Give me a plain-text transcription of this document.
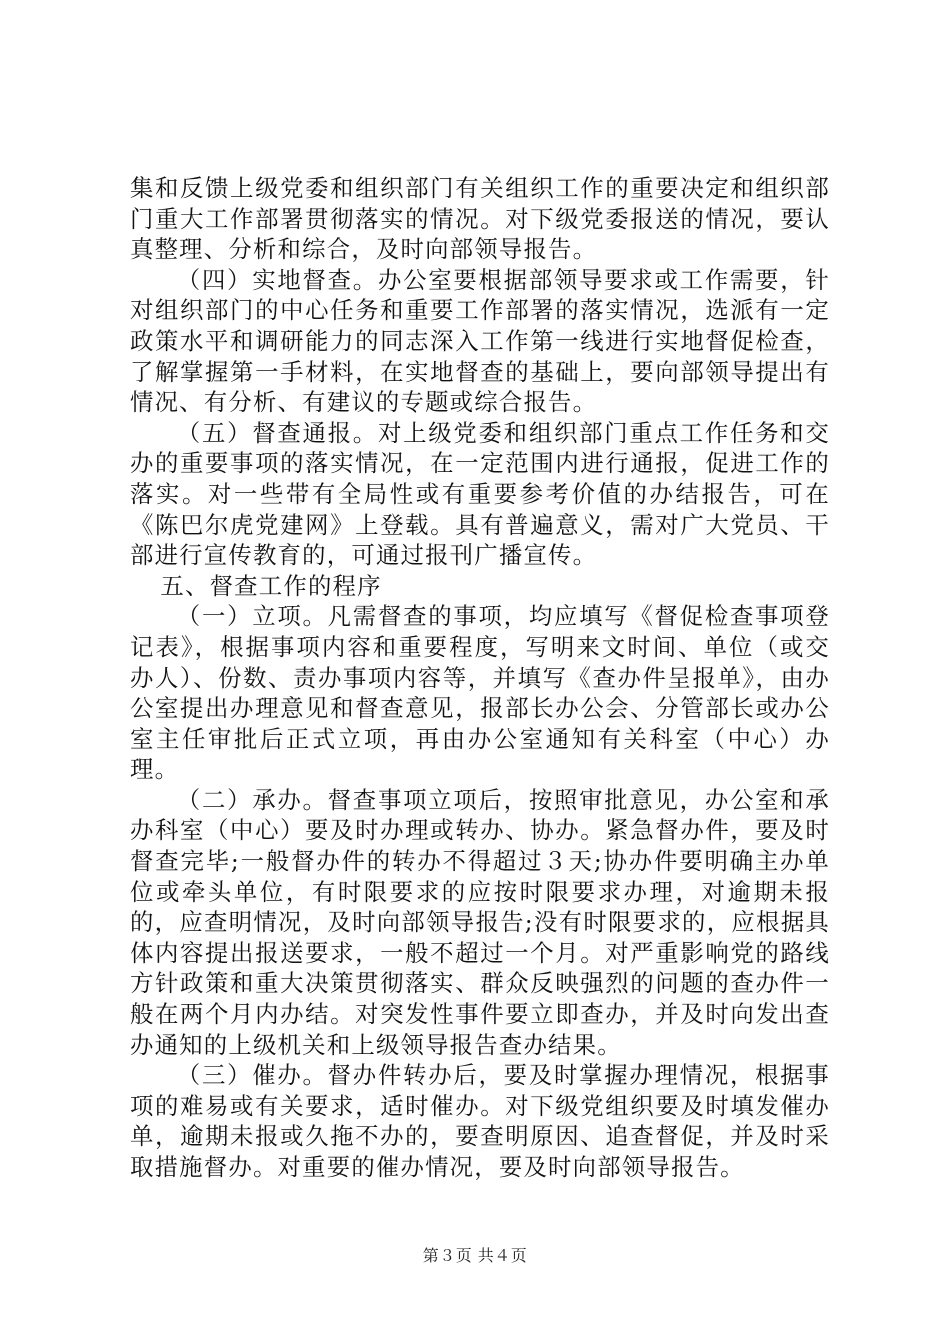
集和反馈上级党委和组织部门有关组织工作的重要决定和组织部门重大工作部署贯彻落实的情况。对下级党委报送的情况，要认真整理、分析和综合，及时向部领导报告。

（四）实地督查。办公室要根据部领导要求或工作需要，针对组织部门的中心任务和重要工作部署的落实情况，选派有一定政策水平和调研能力的同志深入工作第一线进行实地督促检查，了解掌握第一手材料，在实地督查的基础上，要向部领导提出有情况、有分析、有建议的专题或综合报告。

（五）督查通报。对上级党委和组织部门重点工作任务和交办的重要事项的落实情况，在一定范围内进行通报，促进工作的落实。对一些带有全局性或有重要参考价值的办结报告，可在《陈巴尔虎党建网》上登载。具有普遍意义，需对广大党员、干部进行宣传教育的，可通过报刊广播宣传。

五、督查工作的程序

（一）立项。凡需督查的事项，均应填写《督促检查事项登记表》，根据事项内容和重要程度，写明来文时间、单位（或交办人）、份数、责办事项内容等，并填写《查办件呈报单》，由办公室提出办理意见和督查意见，报部长办公会、分管部长或办公室主任审批后正式立项，再由办公室通知有关科室（中心）办理。

（二）承办。督查事项立项后，按照审批意见，办公室和承办科室（中心）要及时办理或转办、协办。紧急督办件，要及时督查完毕;一般督办件的转办不得超过３天;协办件要明确主办单位或牵头单位，有时限要求的应按时限要求办理，对逾期未报的，应查明情况，及时向部领导报告;没有时限要求的，应根据具体内容提出报送要求，一般不超过一个月。对严重影响党的路线方针政策和重大决策贯彻落实、群众反映强烈的问题的查办件一般在两个月内办结。对突发性事件要立即查办，并及时向发出查办通知的上级机关和上级领导报告查办结果。

（三）催办。督办件转办后，要及时掌握办理情况，根据事项的难易或有关要求，适时催办。对下级党组织要及时填发催办单，逾期未报或久拖不办的，要查明原因、追查督促，并及时采取措施督办。对重要的催办情况，要及时向部领导报告。

第３页 共４页
